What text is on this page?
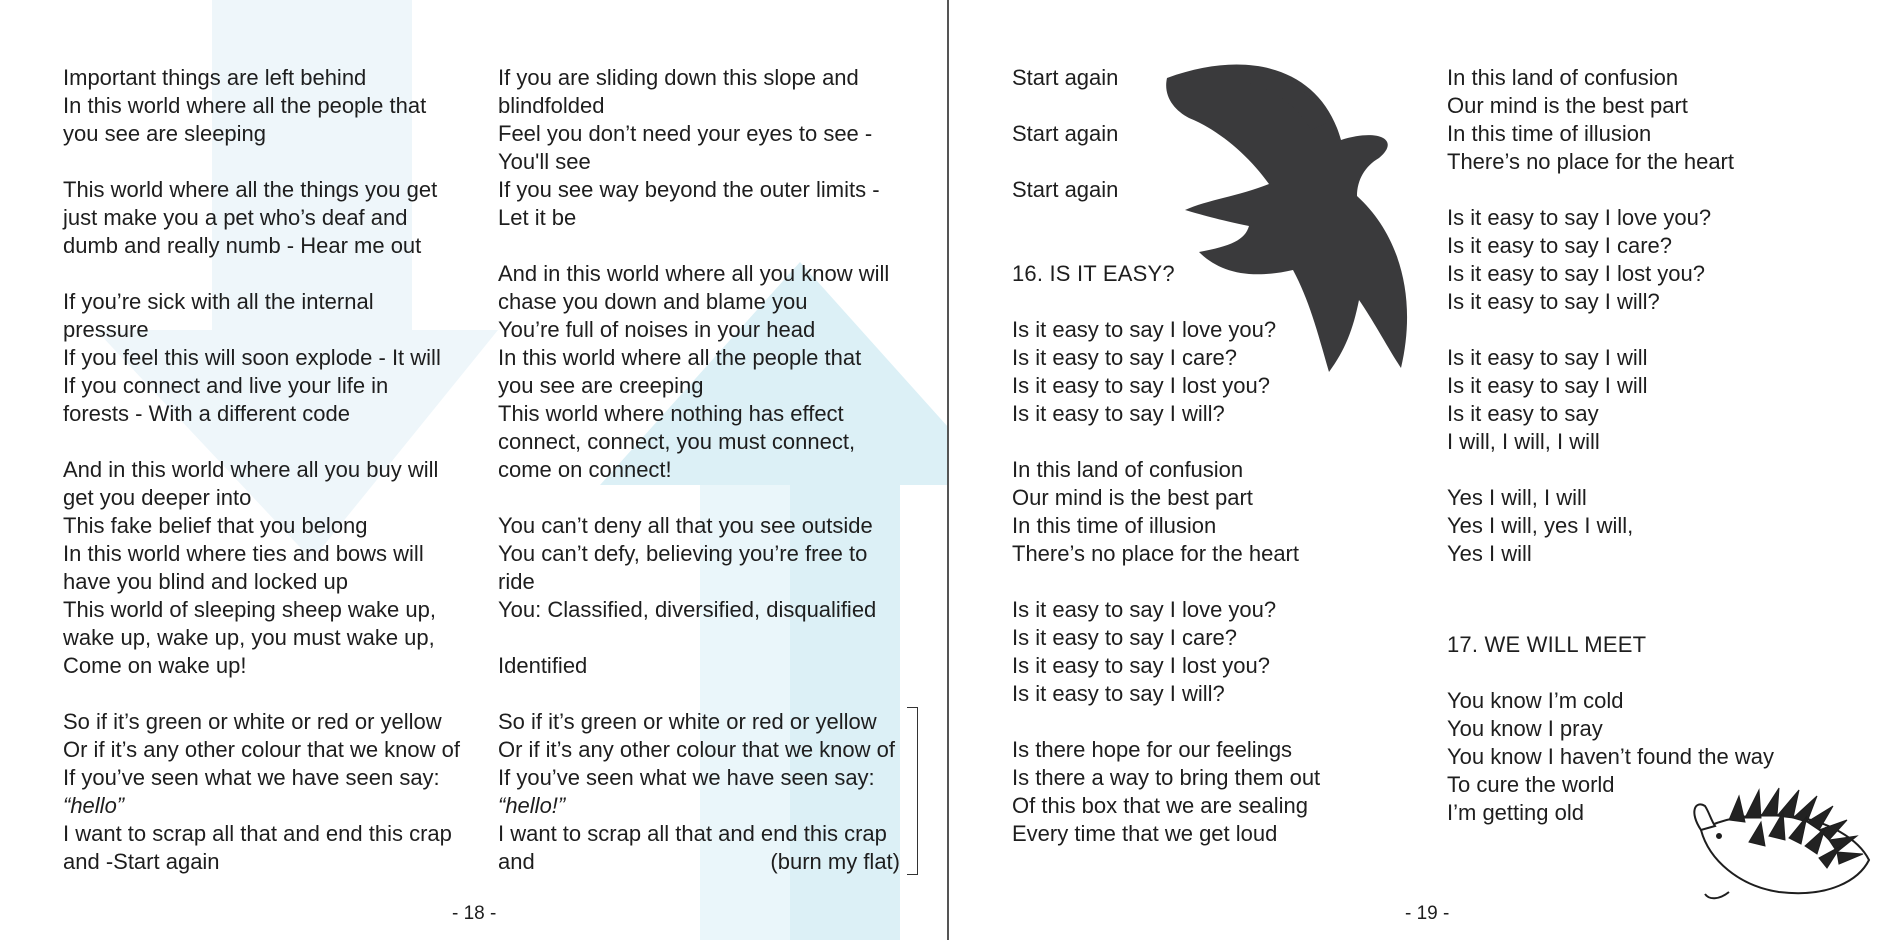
Important things are left behind
In this world where all the people that
you see are sleeping
This world where all the things you get
just make you a pet who’s deaf and
dumb and really numb - Hear me out
If you’re sick with all the internal
pressure
If you feel this will soon explode - It will
If you connect and live your life in
forests - With a different code
And in this world where all you buy will
get you deeper into
This fake belief that you belong
In this world where ties and bows will
have you blind and locked up
This world of sleeping sheep wake up,
wake up, wake up, you must wake up,
Come on wake up!
So if it’s green or white or red or yellow
Or if it’s any other colour that we know of
If you’ve seen what we have seen say:
“hello”
I want to scrap all that and end this crap
and -Start again
If you are sliding down this slope and
blindfolded
Feel you don’t need your eyes to see -
You'll see
If you see way beyond the outer limits -
Let it be
And in this world where all you know will
chase you down and blame you
You’re full of noises in your head
In this world where all the people that
you see are creeping
This world where nothing has effect
connect, connect, you must connect,
come on connect!
You can’t deny all that you see outside
You can’t defy, believing you’re free to
ride
You: Classified, diversified, disqualified
Identified
So if it’s green or white or red or yellow
Or if it’s any other colour that we know of
If you’ve seen what we have seen say:
“hello!”
I want to scrap all that and end this crap
and	(burn my flat)
- 18 -
Start again
Start again
Start again
16. IS IT EASY?
Is it easy to say I love you?
Is it easy to say I care?
Is it easy to say I lost you?
Is it easy to say I will?
In this land of confusion
Our mind is the best part
In this time of illusion
There’s no place for the heart
Is it easy to say I love you?
Is it easy to say I care?
Is it easy to say I lost you?
Is it easy to say I will?
Is there hope for our feelings
Is there a way to bring them out
Of this box that we are sealing
Every time that we get loud
In this land of confusion
Our mind is the best part
In this time of illusion
There’s no place for the heart
Is it easy to say I love you?
Is it easy to say I care?
Is it easy to say I lost you?
Is it easy to say I will?
Is it easy to say I will
Is it easy to say I will
Is it easy to say
I will, I will, I will
Yes I will, I will
Yes I will, yes I will,
Yes I will
17. WE WILL MEET
You know I’m cold
You know I pray
You know I haven’t found the way
To cure the world
I’m getting old
- 19 -
